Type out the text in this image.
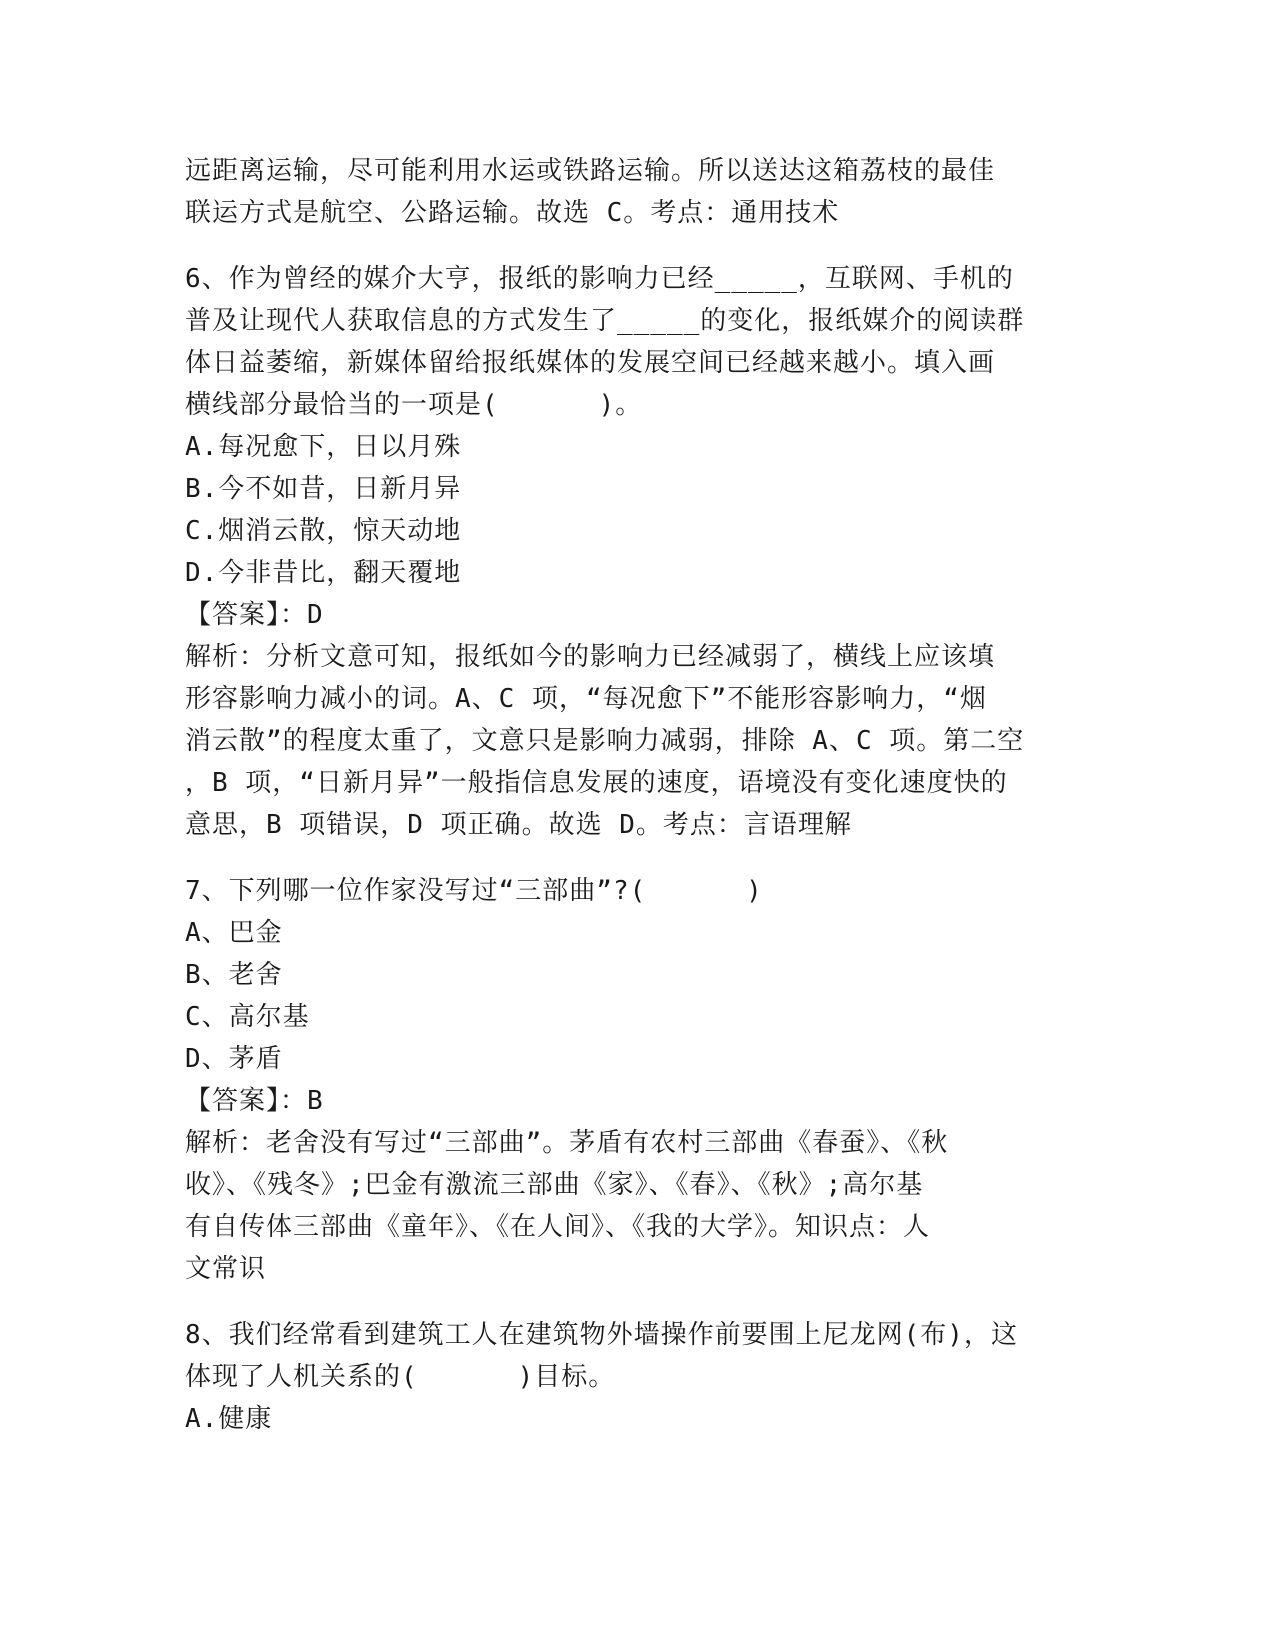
远距离运输，尽可能利用水运或铁路运输。所以送达这箱荔枝的最佳
联运方式是航空、公路运输。故选 C。考点：通用技术
6、作为曾经的媒介大亨，报纸的影响力已经_____，互联网、手机的
普及让现代人获取信息的方式发生了_____的变化，报纸媒介的阅读群
体日益萎缩，新媒体留给报纸媒体的发展空间已经越来越小。填入画
横线部分最恰当的一项是(      )。
A.每况愈下，日以月殊
B.今不如昔，日新月异
C.烟消云散，惊天动地
D.今非昔比，翻天覆地
【答案】：D
解析：分析文意可知，报纸如今的影响力已经减弱了，横线上应该填
形容影响力减小的词。A、C 项，“每况愈下”不能形容影响力，“烟
消云散”的程度太重了，文意只是影响力减弱，排除 A、C 项。第二空
，B 项，“日新月异”一般指信息发展的速度，语境没有变化速度快的
意思，B 项错误，D 项正确。故选 D。考点：言语理解
7、下列哪一位作家没写过“三部曲”?(      )
A、巴金
B、老舍
C、高尔基
D、茅盾
【答案】：B
解析：老舍没有写过“三部曲”。茅盾有农村三部曲《春蚕》、《秋
收》、《残冬》;巴金有激流三部曲《家》、《春》、《秋》;高尔基
有自传体三部曲《童年》、《在人间》、《我的大学》。知识点：人
文常识
8、我们经常看到建筑工人在建筑物外墙操作前要围上尼龙网(布)，这
体现了人机关系的(      )目标。
A.健康
